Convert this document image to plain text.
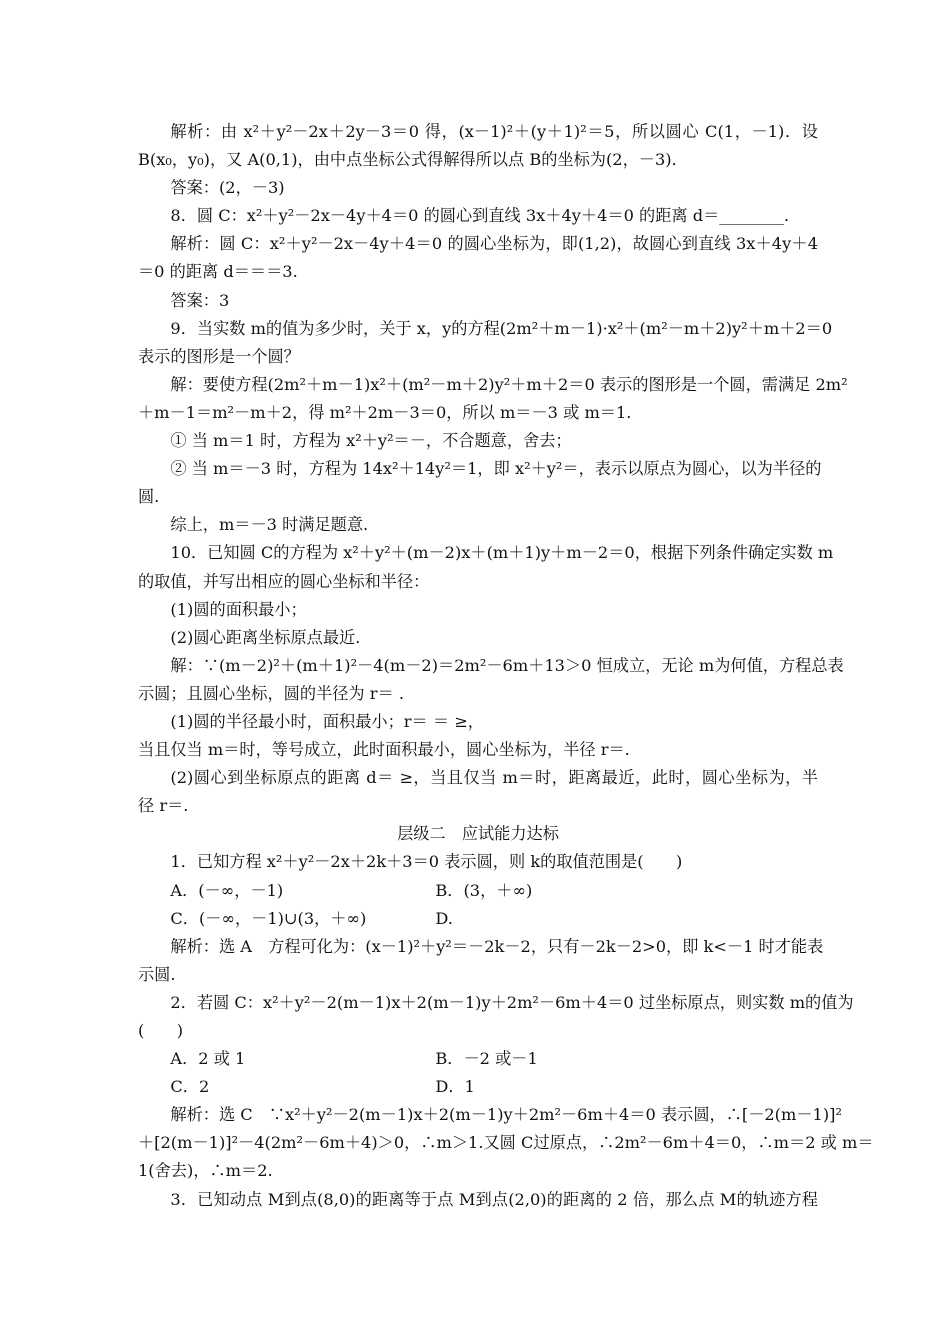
解析：由 x²＋y²－2x＋2y－3＝0 得，(x－1)²＋(y＋1)²＝5，所以圆心 C(1，－1)．设
B(x₀，y₀)，又 A(0,1)，由中点坐标公式得解得所以点 B的坐标为(2，－3)．
答案：(2，－3)
8．圆 C：x²＋y²－2x－4y＋4＝0 的圆心到直线 3x＋4y＋4＝0 的距离 d＝________．
解析：圆 C：x²＋y²－2x－4y＋4＝0 的圆心坐标为，即(1,2)，故圆心到直线 3x＋4y＋4
＝0 的距离 d＝＝＝3.
答案：3
9．当实数 m的值为多少时，关于 x，y的方程(2m²＋m－1)·x²＋(m²－m＋2)y²＋m＋2＝0
表示的图形是一个圆？
解：要使方程(2m²＋m－1)x²＋(m²－m＋2)y²＋m＋2＝0 表示的图形是一个圆，需满足 2m²
＋m－1＝m²－m＋2，得 m²＋2m－3＝0，所以 m＝－3 或 m＝1.
① 当 m＝1 时，方程为 x²＋y²＝－，不合题意，舍去；
② 当 m＝－3 时，方程为 14x²＋14y²＝1，即 x²＋y²＝，表示以原点为圆心，以为半径的
圆.
综上，m＝－3 时满足题意.
10．已知圆 C的方程为 x²＋y²＋(m－2)x＋(m＋1)y＋m－2＝0，根据下列条件确定实数 m
的取值，并写出相应的圆心坐标和半径：
(1)圆的面积最小；
(2)圆心距离坐标原点最近.
解：∵(m－2)²＋(m＋1)²－4(m－2)＝2m²－6m＋13＞0 恒成立，无论 m为何值，方程总表
示圆；且圆心坐标，圆的半径为 r＝ .
(1)圆的半径最小时，面积最小；r＝ ＝ ≥，
当且仅当 m＝时，等号成立，此时面积最小，圆心坐标为，半径 r＝.
(2)圆心到坐标原点的距离 d＝ ≥，当且仅当 m＝时，距离最近，此时，圆心坐标为，半
径 r＝.
层级二　应试能力达标
1．已知方程 x²＋y²－2x＋2k＋3＝0 表示圆，则 k的取值范围是(　　)
A．(－∞，－1)	B．(3，＋∞)
C．(－∞，－1)∪(3，＋∞)	D.
解析：选 A　方程可化为：(x－1)²＋y²＝－2k－2，只有－2k－2>0，即 k<－1 时才能表
示圆.
2．若圆 C：x²＋y²－2(m－1)x＋2(m－1)y＋2m²－6m＋4＝0 过坐标原点，则实数 m的值为
(　　)
A．2 或 1	B．－2 或－1
C．2	D．1
解析：选 C　∵x²＋y²－2(m－1)x＋2(m－1)y＋2m²－6m＋4＝0 表示圆，∴[－2(m－1)]²
＋[2(m－1)]²－4(2m²－6m＋4)＞0，∴m＞1.又圆 C过原点，∴2m²－6m＋4＝0，∴m＝2 或 m＝
1(舍去)，∴m＝2.
3．已知动点 M到点(8,0)的距离等于点 M到点(2,0)的距离的 2 倍，那么点 M的轨迹方程
